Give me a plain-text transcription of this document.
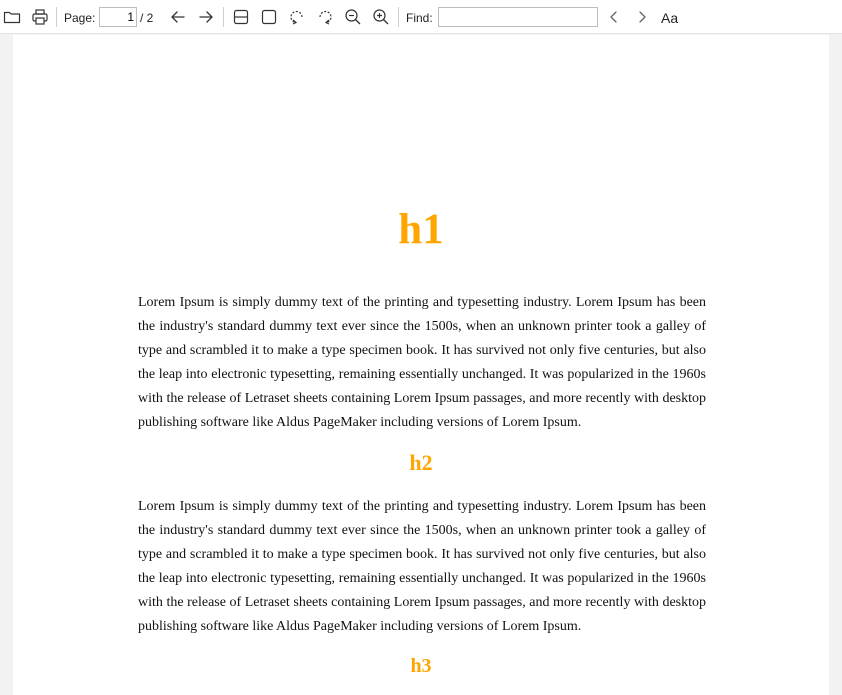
Page:	1 / 2	Find:	Aa
h1

Lorem Ipsum is simply dummy text of the printing and typesetting industry. Lorem Ipsum has been the industry's standard dummy text ever since the 1500s, when an unknown printer took a galley of type and scrambled it to make a type specimen book. It has survived not only five centuries, but also the leap into electronic typesetting, remaining essentially unchanged. It was popularized in the 1960s with the release of Letraset sheets containing Lorem Ipsum passages, and more recently with desktop publishing software like Aldus PageMaker including versions of Lorem Ipsum.

h2

Lorem Ipsum is simply dummy text of the printing and typesetting industry. Lorem Ipsum has been the industry's standard dummy text ever since the 1500s, when an unknown printer took a galley of type and scrambled it to make a type specimen book. It has survived not only five centuries, but also the leap into electronic typesetting, remaining essentially unchanged. It was popularized in the 1960s with the release of Letraset sheets containing Lorem Ipsum passages, and more recently with desktop publishing software like Aldus PageMaker including versions of Lorem Ipsum.

h3
